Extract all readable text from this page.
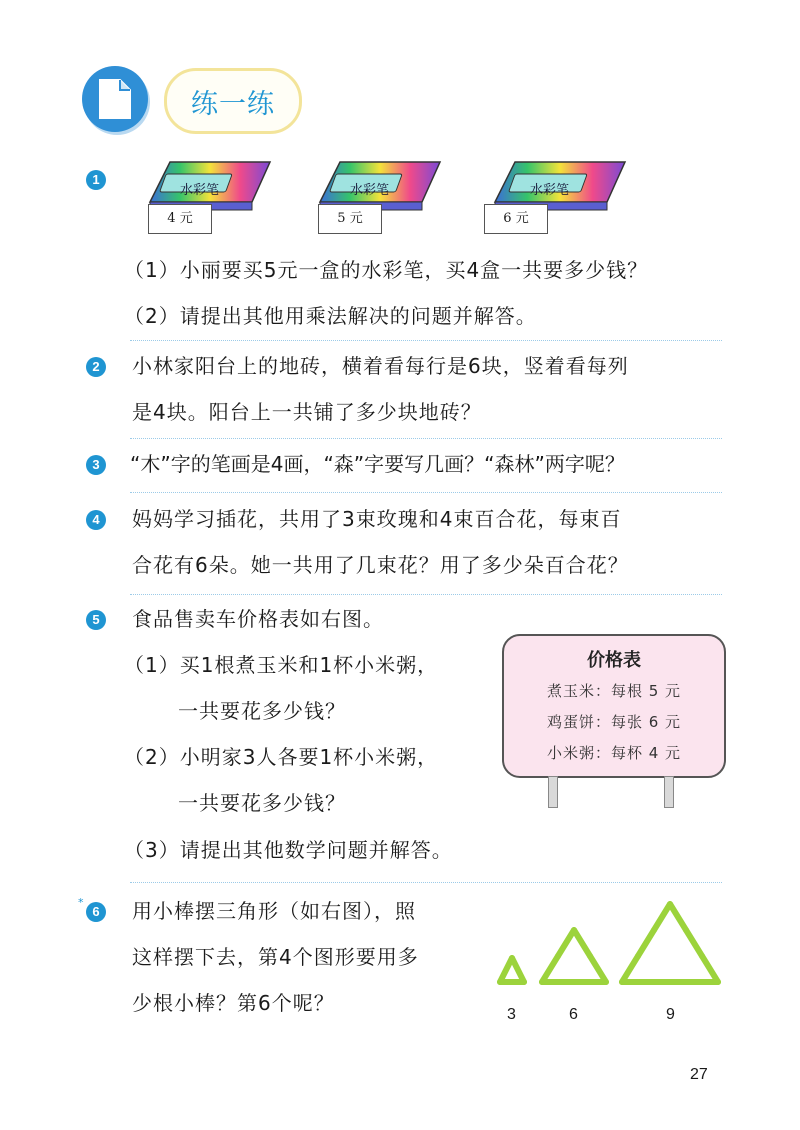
练一练
1
水彩笔	水彩笔	水彩笔
4 元	5 元	6 元
（1）小丽要买5元一盒的水彩笔，买4盒一共要多少钱？
（2）请提出其他用乘法解决的问题并解答。
2	小林家阳台上的地砖，横着看每行是6块，竖着看每列
是4块。阳台上一共铺了多少块地砖？
3	“木”字的笔画是4画，“森”字要写几画？“森林”两字呢？
4	妈妈学习插花，共用了3束玫瑰和4束百合花，每束百
合花有6朵。她一共用了几束花？用了多少朵百合花？
5	食品售卖车价格表如右图。
（1）买1根煮玉米和1杯小米粥，
一共要花多少钱？
（2）小明家3人各要1杯小米粥，
一共要花多少钱？
（3）请提出其他数学问题并解答。
价格表
煮玉米：每根 5 元
鸡蛋饼：每张 6 元
小米粥：每杯 4 元
*
6	用小棒摆三角形（如右图），照
这样摆下去，第4个图形要用多
少根小棒？第6个呢？	3	6	9
27
